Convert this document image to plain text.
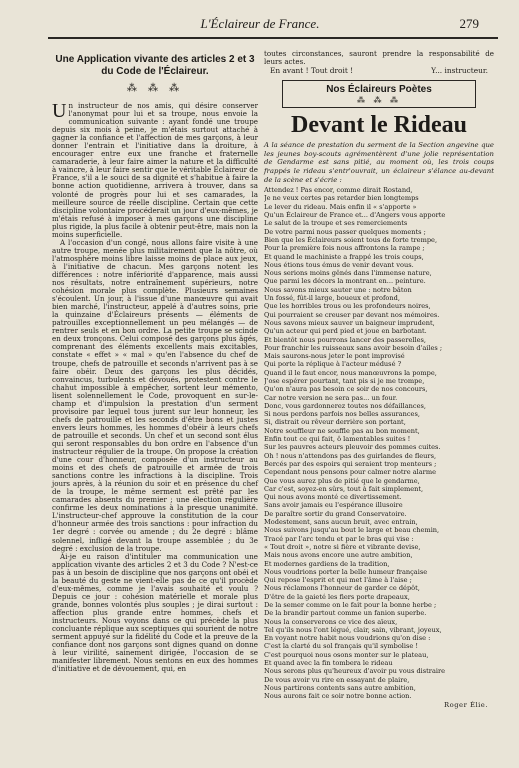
L'Éclaireur de France.	279
Une Application vivante des articles 2 et 3
du Code de l'Éclaireur.
⁂ ⁂ ⁂

Un instructeur de nos amis, qui désire conserver l'anonymat pour lui et sa troupe, nous envoie la communication suivante : ayant fondé une troupe depuis six mois à peine, je m'étais surtout attaché à gagner la confiance et l'affection de mes garçons, à leur donner l'entrain et l'initiative dans la droiture, à encourager entre eux une franche et fraternelle camaraderie, à leur faire aimer la nature et la difficulté à vaincre, à leur faire sentir que le véritable Éclaireur de France, s'il a le souci de sa dignité et s'habitue à faire la bonne action quotidienne, arrivera à trouver, dans sa volonté de progrès pour lui et ses camarades, la meilleure source de réelle discipline. Certain que cette discipline volontaire procéderait un jour d'eux-mêmes, je m'étais refusé à imposer à mes garçons une discipline plus rigide, la plus facile à obtenir peut-être, mais non la moins superficielle.

A l'occasion d'un congé, nous allons faire visite à une autre troupe, menée plus militairement que la nôtre, où l'atmosphère moins libre laisse moins de place aux jeux, à l'initiative de chacun. Mes garçons notent les différences : notre infériorité d'apparence, mais aussi nos résultats, notre entraînement supérieurs, notre cohésion morale plus complète. Plusieurs semaines s'écoulent. Un jour, à l'issue d'une manœuvre qui avait bien marché, l'instructeur, appelé à d'autres soins, prie la quinzaine d'Éclaireurs présents — éléments de patrouilles exceptionnellement un peu mélangés — de rentrer seuls et en bon ordre. La petite troupe se scinde en deux tronçons. Celui composé des garçons plus âgés, comprenant des éléments excellents mais excitables, constate « effet » « mal » qu'en l'absence du chef de troupe, chefs de patrouille et seconds n'arrivent pas à se faire obéir. Deux des garçons les plus décidés, convaincus, turbulents et dévoués, protestent contre le chahut impossible à empêcher, sortent leur mémento, lisent solennellement le Code, provoquent en sur-le-champ et d'impulsion la prestation d'un serment provisoire par lequel tous jurent sur leur honneur, les chefs de patrouille et les seconds d'être bons et justes envers leurs hommes, les hommes d'obéir à leurs chefs de patrouille et seconds. Un chef et un second sont élus qui seront responsables du bon ordre en l'absence d'un instructeur régulier de la troupe. On propose la création d'une cour d'honneur, composée d'un instructeur au moins et des chefs de patrouille et armée de trois sanctions contre les infractions à la discipline. Trois jours après, à la réunion du soir et en présence du chef de la troupe, le même serment est prêté par les camarades absents du premier ; une élection régulière confirme les deux nominations à la presque unanimité. L'instructeur-chef approuve la constitution de la cour d'honneur armée des trois sanctions : pour infraction du 1er degré : corvée ou amende ; du 2e degré : blâme solennel, infligé devant la troupe assemblée ; du 3e degré : exclusion de la troupe.

Ai-je eu raison d'intituler ma communication une application vivante des articles 2 et 3 du Code ? N'est-ce pas à un besoin de discipline que nos garçons ont obéi et la beauté du geste ne vient-elle pas de ce qu'il procède d'eux-mêmes, comme je l'avais souhaité et voulu ? Depuis ce jour : cohésion matérielle et morale plus grande, bonnes volontés plus souples ; je dirai surtout : affection plus grande entre hommes, chefs et instructeurs. Nous voyons dans ce qui précède la plus concluante réplique aux sceptiques qui sourient de notre serment appuyé sur la fidélité du Code et la preuve de la confiance dont nos garçons sont dignes quand on donne à leur virilité, sainement dirigée, l'occasion de se manifester librement. Nous sentons en eux des hommes d'initiative et de dévouement, qui, en

toutes circonstances, sauront prendre la responsabilité de leurs actes.

En avant ! Tout droit !	Y... instructeur.
Nos Éclaireurs Poètes
⁂ ⁂ ⁂
Devant le Rideau

A la séance de prestation du serment de la Section angevine que les jeunes boy-scouts agrémentèrent d'une jolie représentation de Gendarme est sans pitié, au moment où, les trois coups frappés le rideau s'entr'ouvrait, un éclaireur s'élance au-devant de la scène et s'écrie :

Attendez ! Pas encor, comme dirait Rostand,
Je ne veux certes pas retarder bien longtemps
Le lever du rideau. Mais enfin il « s'apporte »
Qu'un Éclaireur de France et... d'Angers vous apporte
Le salut de la troupe et ses remerciements
De votre parmi nous passer quelques moments ;
Bien que les Éclaireurs soient tous de forte trempe,
Pour la première fois nous affrontons la rampe ;
Et quand le machiniste a frappé les trois coups,
Nous étions tous émus de venir devant vous.
Nous serions moins gênés dans l'immense nature,
Que parmi les décors la montrant en... peinture.
Nous savons mieux sauter une : notre bâton
Un fossé, fût-il large, boueux et profond,
Que les horribles trous ou les profondeurs noires,
Qui pourraient se creuser par devant nos mémoires.
Nous savons mieux sauver un baigneur imprudent,
Qu'un acteur qui perd pied et joue en barbotant.
Et bientôt nous pourrons lancer des passerelles,
Pour franchir les ruisseaux sans avoir besoin d'ailes ;
Mais saurons-nous jeter le pont improvisé
Qui porte la réplique à l'acteur médusé ?
Quand il le faut encor, nous manœuvrons la pompe,
J'ose espérer pourtant, tant pis si je me trompe,
Qu'on n'aura pas besoin ce soir de nos concours,
Car notre version ne sera pas... un four.
Donc, vous gardonnerez toutes nos défaillances,
Si nous perdons parfois nos belles assurances,
Si, distrait ou rêveur derrière son portant,
Notre souffleur ne souffle pas au bon moment,
Enfin tout ce qui fait, ô lamentables suites !
Sur les pauvres acteurs pleuvoir des pommes cuites.
Oh ! nous n'attendons pas des guirlandes de fleurs,
Bercés par des espoirs qui seraient trop menteurs ;
Cependant nous pensons pour calmer notre alarme
Que vous aurez plus de pitié que le gendarme,
Car c'est, soyez-en sûrs, tout à fait simplement,
Qui nous avons monté ce divertissement.
Sans avoir jamais eu l'espérance illusoire
De paraître sortir du grand Conservatoire.
Modestement, sans aucun bruit, avec entrain,
Nous suivons jusqu'au bout le large et beau chemin,
Tracé par l'arc tendu et par le bras qui vise :
« Tout droit », notre si fière et vibrante devise,
Mais nous avons encore une autre ambition,
Et modernes gardiens de la tradition,
Nous voudrions porter la belle humeur française
Qui repose l'esprit et qui met l'âme à l'aise ;
Nous réclamons l'honneur de garder ce dépôt,
D'être de la gaieté les fiers porte drapeaux,
De la semer comme on le fait pour la bonne herbe ;
De la brandir partout comme un fanion superbe.
Nous la conserverons ce vice des aïeux,
Tel qu'ils nous l'ont légué, clair, sain, vibrant, joyeux,
En voyant notre habit nous voudrions qu'on dise :
C'est la clarté du sol français qu'il symbolise !
C'est pourquoi nous osons monter sur le plateau,
Et quand avec la fin tombera le rideau
Nous serons plus qu'heureux d'avoir pu vous distraire
De vous avoir vu rire en essayant de plaire,
Nous partirons contents sans autre ambition,
Nous aurons fait ce soir notre bonne action.
Roger Élie.
